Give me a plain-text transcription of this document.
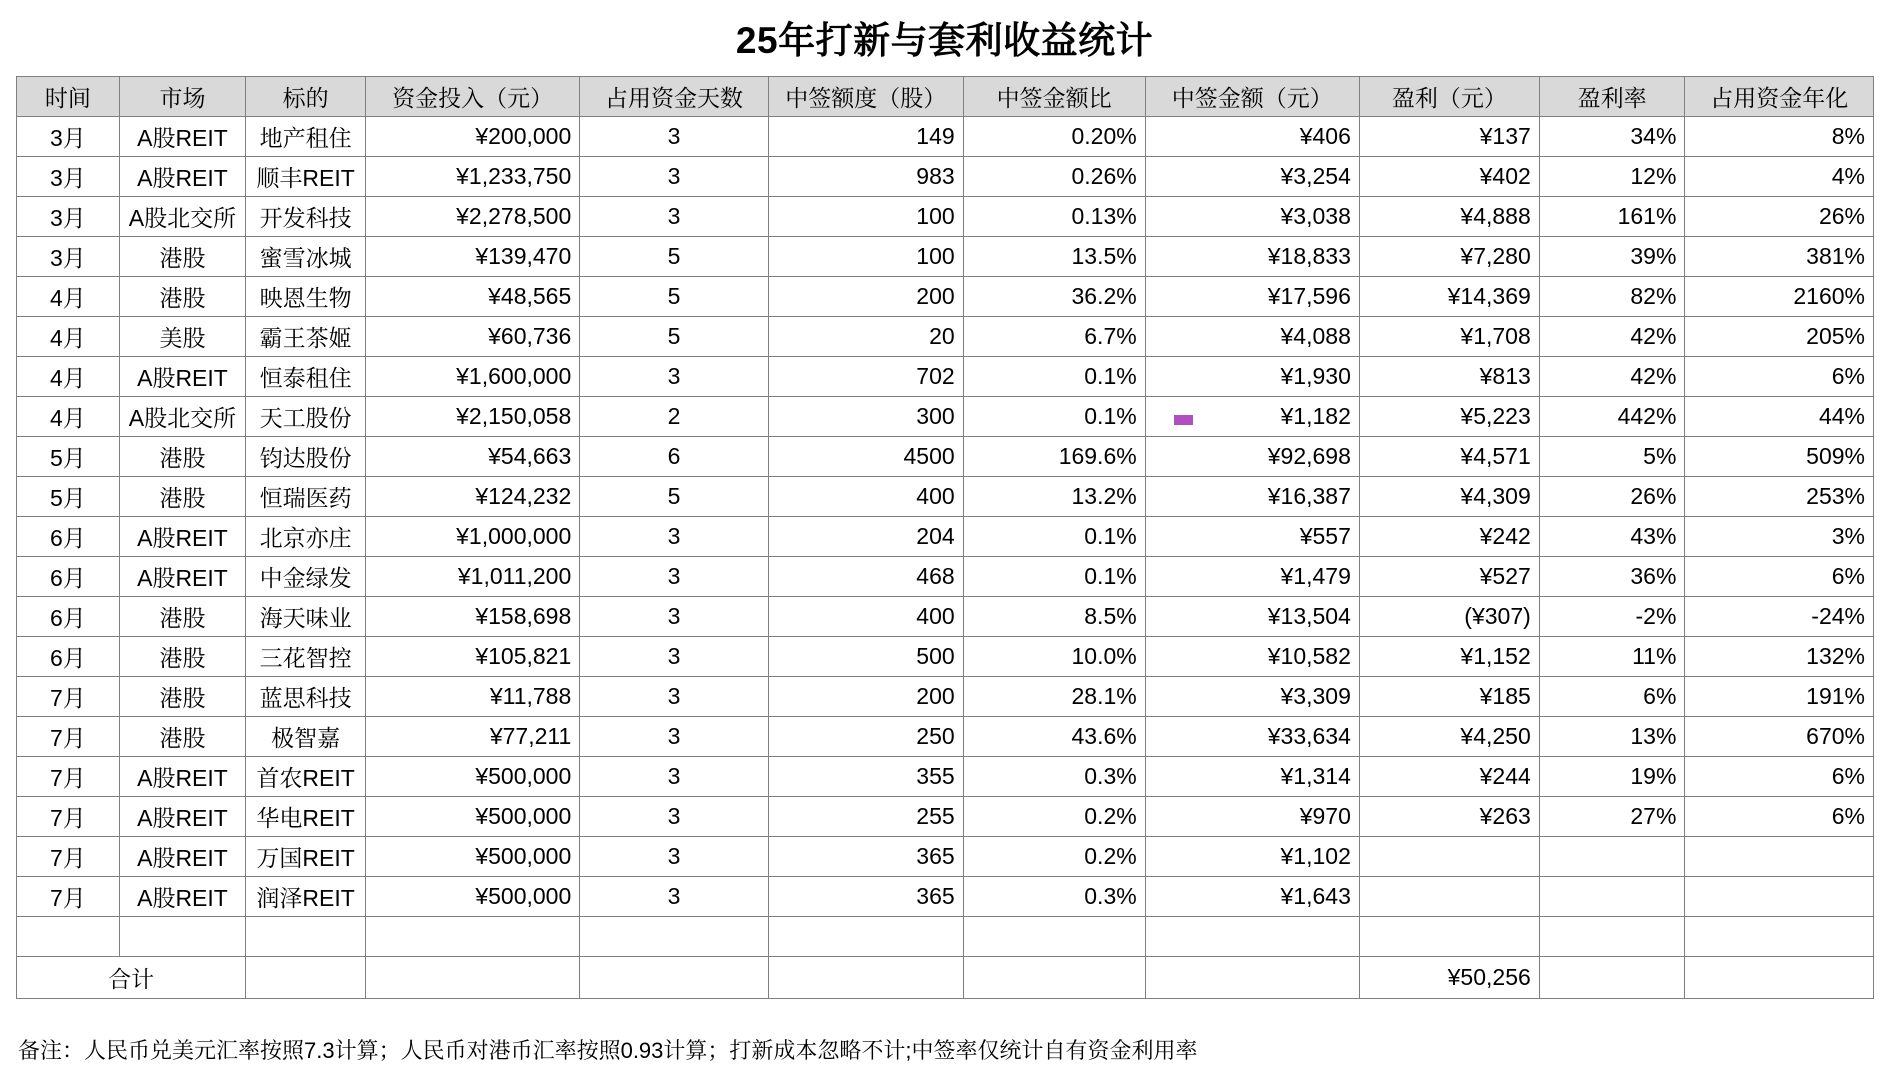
25年打新与套利收益统计
时间	市场	标的	资金投入（元）	占用资金天数	中签额度（股）	中签金额比	中签金额（元）	盈利（元）	盈利率	占用资金年化
3月	A股REIT	地产租住	¥200,000	3	149	0.20%	¥406	¥137	34%	8%
3月	A股REIT	顺丰REIT	¥1,233,750	3	983	0.26%	¥3,254	¥402	12%	4%
3月	A股北交所	开发科技	¥2,278,500	3	100	0.13%	¥3,038	¥4,888	161%	26%
3月	港股	蜜雪冰城	¥139,470	5	100	13.5%	¥18,833	¥7,280	39%	381%
4月	港股	映恩生物	¥48,565	5	200	36.2%	¥17,596	¥14,369	82%	2160%
4月	美股	霸王茶姬	¥60,736	5	20	6.7%	¥4,088	¥1,708	42%	205%
4月	A股REIT	恒泰租住	¥1,600,000	3	702	0.1%	¥1,930	¥813	42%	6%
4月	A股北交所	天工股份	¥2,150,058	2	300	0.1%	¥1,182	¥5,223	442%	44%
5月	港股	钧达股份	¥54,663	6	4500	169.6%	¥92,698	¥4,571	5%	509%
5月	港股	恒瑞医药	¥124,232	5	400	13.2%	¥16,387	¥4,309	26%	253%
6月	A股REIT	北京亦庄	¥1,000,000	3	204	0.1%	¥557	¥242	43%	3%
6月	A股REIT	中金绿发	¥1,011,200	3	468	0.1%	¥1,479	¥527	36%	6%
6月	港股	海天味业	¥158,698	3	400	8.5%	¥13,504	(¥307)	-2%	-24%
6月	港股	三花智控	¥105,821	3	500	10.0%	¥10,582	¥1,152	11%	132%
7月	港股	蓝思科技	¥11,788	3	200	28.1%	¥3,309	¥185	6%	191%
7月	港股	极智嘉	¥77,211	3	250	43.6%	¥33,634	¥4,250	13%	670%
7月	A股REIT	首农REIT	¥500,000	3	355	0.3%	¥1,314	¥244	19%	6%
7月	A股REIT	华电REIT	¥500,000	3	255	0.2%	¥970	¥263	27%	6%
7月	A股REIT	万国REIT	¥500,000	3	365	0.2%	¥1,102			
7月	A股REIT	润泽REIT	¥500,000	3	365	0.3%	¥1,643			

合计								¥50,256		
备注：人民币兑美元汇率按照7.3计算；人民币对港币汇率按照0.93计算；打新成本忽略不计;中签率仅统计自有资金利用率
